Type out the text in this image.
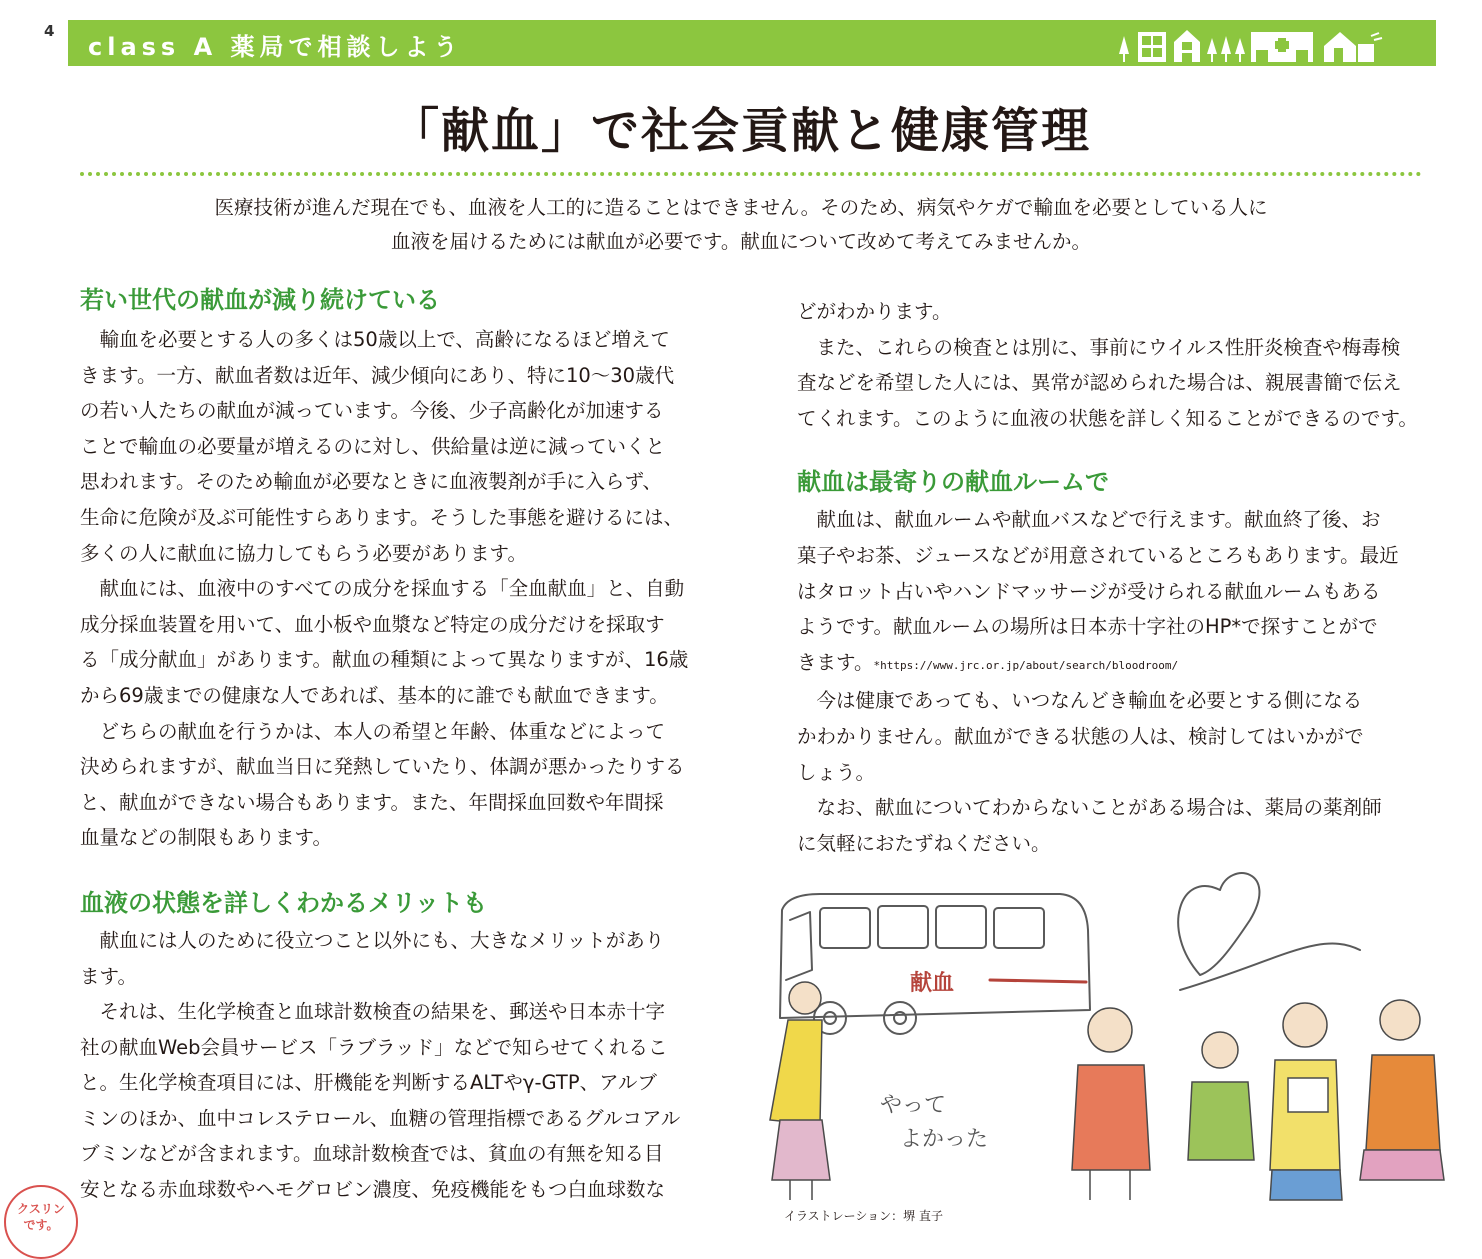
4
class A 薬局で相談しよう
「献血」で社会貢献と健康管理
医療技術が進んだ現在でも、血液を人工的に造ることはできません。そのため、病気やケガで輸血を必要としている人に
血液を届けるためには献血が必要です。献血について改めて考えてみませんか。
若い世代の献血が減り続けている

　輸血を必要とする人の多くは50歳以上で、高齢になるほど増えて

きます。一方、献血者数は近年、減少傾向にあり、特に10〜30歳代

の若い人たちの献血が減っています。今後、少子高齢化が加速する

ことで輸血の必要量が増えるのに対し、供給量は逆に減っていくと

思われます。そのため輸血が必要なときに血液製剤が手に入らず、

生命に危険が及ぶ可能性すらあります。そうした事態を避けるには、

多くの人に献血に協力してもらう必要があります。

　献血には、血液中のすべての成分を採血する「全血献血」と、自動

成分採血装置を用いて、血小板や血漿など特定の成分だけを採取す

る「成分献血」があります。献血の種類によって異なりますが、16歳

から69歳までの健康な人であれば、基本的に誰でも献血できます。

　どちらの献血を行うかは、本人の希望と年齢、体重などによって

決められますが、献血当日に発熱していたり、体調が悪かったりする

と、献血ができない場合もあります。また、年間採血回数や年間採

血量などの制限もあります。

血液の状態を詳しくわかるメリットも

　献血には人のために役立つこと以外にも、大きなメリットがあり

ます。

　それは、生化学検査と血球計数検査の結果を、郵送や日本赤十字

社の献血Web会員サービス「ラブラッド」などで知らせてくれるこ

と。生化学検査項目には、肝機能を判断するALTやγ-GTP、アルブ

ミンのほか、血中コレステロール、血糖の管理指標であるグルコアル

ブミンなどが含まれます。血球計数検査では、貧血の有無を知る目

安となる赤血球数やヘモグロビン濃度、免疫機能をもつ白血球数な

どがわかります。

　また、これらの検査とは別に、事前にウイルス性肝炎検査や梅毒検

査などを希望した人には、異常が認められた場合は、親展書簡で伝え

てくれます。このように血液の状態を詳しく知ることができるのです。

献血は最寄りの献血ルームで

　献血は、献血ルームや献血バスなどで行えます。献血終了後、お

菓子やお茶、ジュースなどが用意されているところもあります。最近

はタロット占いやハンドマッサージが受けられる献血ルームもある

ようです。献血ルームの場所は日本赤十字社のHP*で探すことがで

きます。*https://www.jrc.or.jp/about/search/bloodroom/

　今は健康であっても、いつなんどき輸血を必要とする側になる

かわかりません。献血ができる状態の人は、検討してはいかがで

しょう。

　なお、献血についてわからないことがある場合は、薬局の薬剤師

に気軽におたずねください。

献血
やって
よかった
イラストレーション：堺 直子
クスリン
です。
